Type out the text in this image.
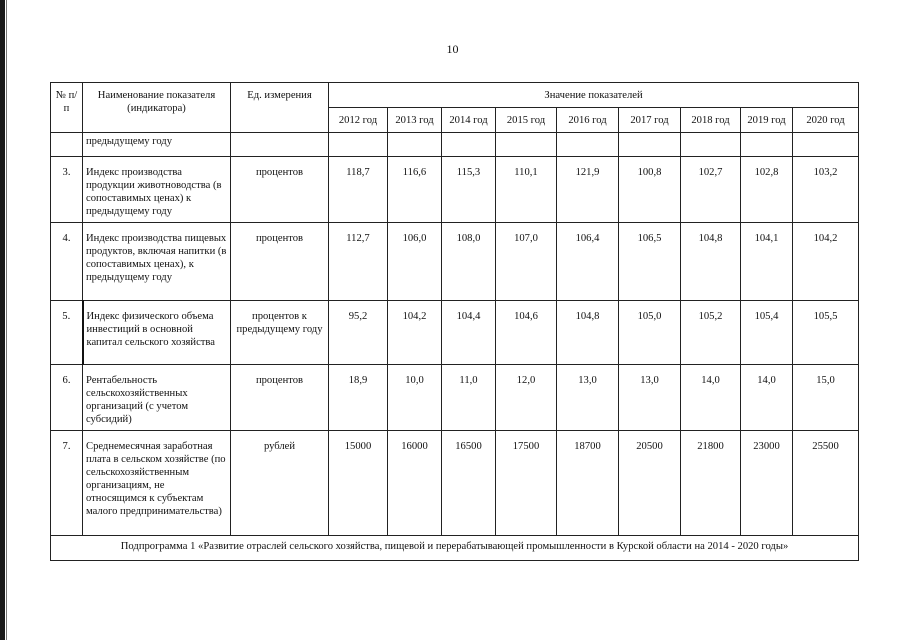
10
№ п/п	Наименование показателя (индикатора)	Ед. измерения	Значение показателей								
			2012 год	2013 год	2014 год	2015 год	2016 год	2017 год	2018 год	2019 год	2020 год
	предыдущему году										
3.	Индекс производства продукции животноводства (в сопоставимых ценах) к предыдущему году	процентов	118,7	116,6	115,3	110,1	121,9	100,8	102,7	102,8	103,2
4.	Индекс производства пищевых продуктов, включая напитки (в сопоставимых ценах), к предыдущему году	процентов	112,7	106,0	108,0	107,0	106,4	106,5	104,8	104,1	104,2
5.	Индекс физического объема инвестиций в основной капитал сельского хозяйства	процентов к предыдущему году	95,2	104,2	104,4	104,6	104,8	105,0	105,2	105,4	105,5
6.	Рентабельность сельскохозяйственных организаций (с учетом субсидий)	процентов	18,9	10,0	11,0	12,0	13,0	13,0	14,0	14,0	15,0
7.	Среднемесячная заработная плата в сельском хозяйстве (по сельскохозяйственным организациям, не относящимся к субъектам малого предпринимательства)	рублей	15000	16000	16500	17500	18700	20500	21800	23000	25500
Подпрограмма 1 «Развитие отраслей сельского хозяйства, пищевой и перерабатывающей промышленности в Курской области на 2014 - 2020 годы»											
